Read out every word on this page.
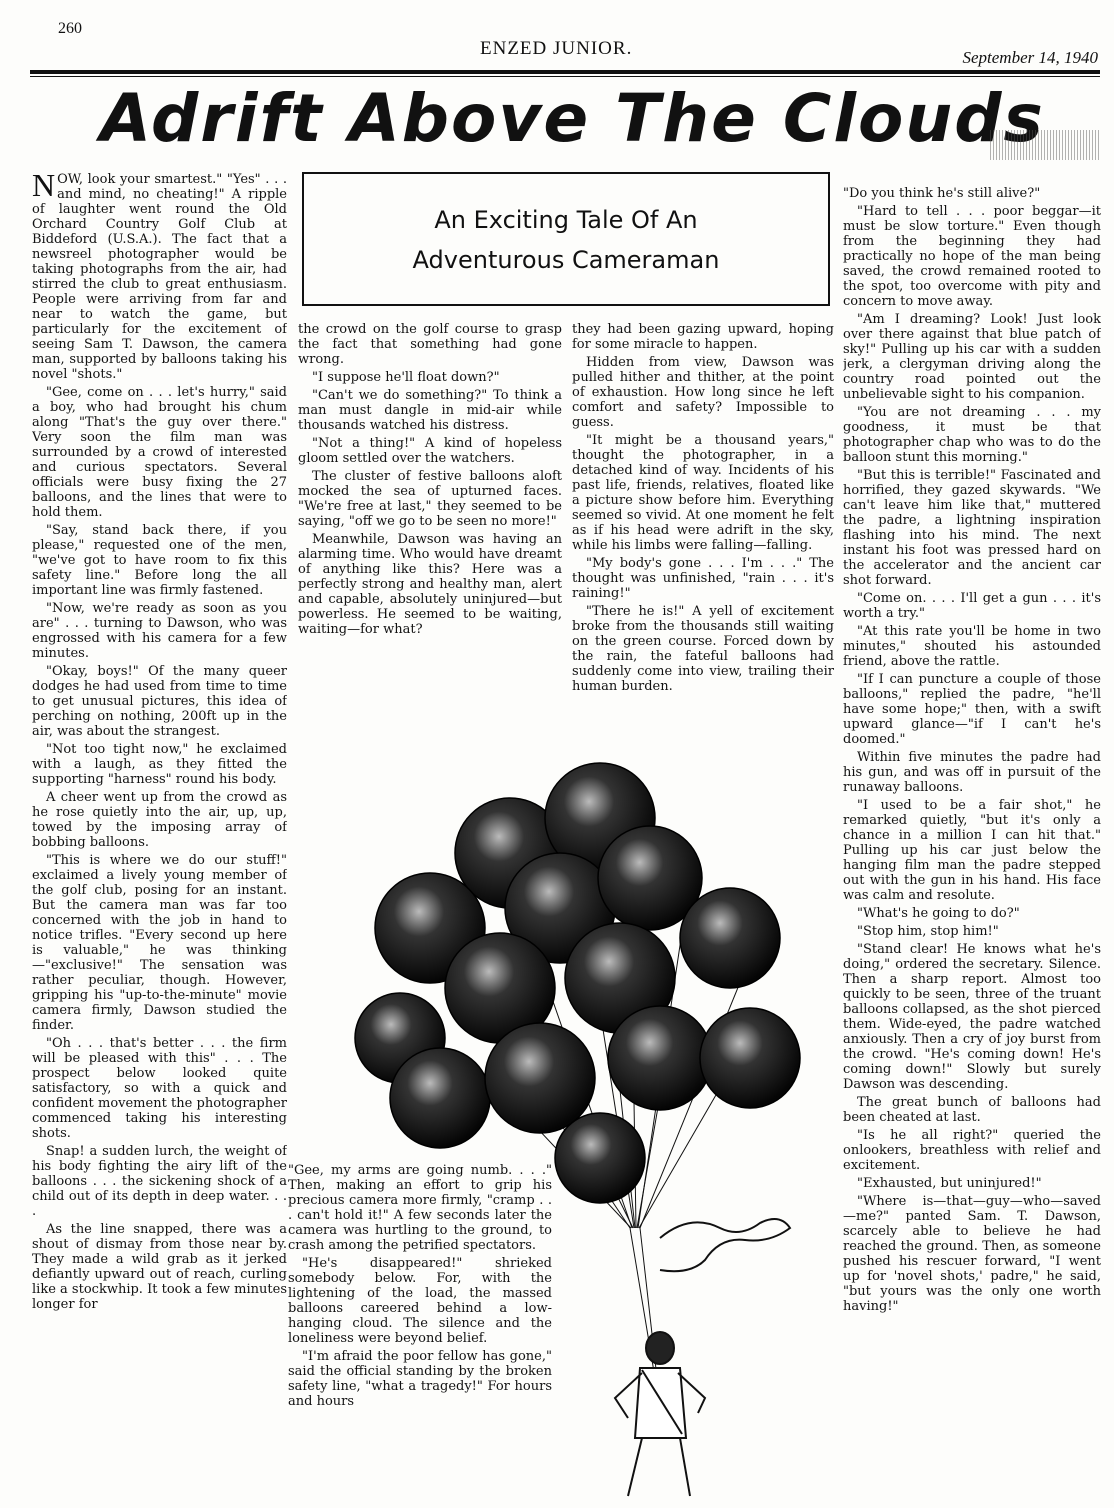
260
ENZED JUNIOR.	September 14, 1940
Adrift Above The Clouds
An Exciting Tale Of An
Adventurous Cameraman

NOW, look your smartest." "Yes" . . . and mind, no cheating!" A ripple of laughter went round the Old Orchard Country Golf Club at Biddeford (U.S.A.). The fact that a newsreel photographer would be taking photographs from the air, had stirred the club to great enthusiasm. People were arriving from far and near to watch the game, but particularly for the excitement of seeing Sam T. Dawson, the camera man, supported by balloons taking his novel "shots."

"Gee, come on . . . let's hurry," said a boy, who had brought his chum along "That's the guy over there." Very soon the film man was surrounded by a crowd of interested and curious spectators. Several officials were busy fixing the 27 balloons, and the lines that were to hold them.

"Say, stand back there, if you please," requested one of the men, "we've got to have room to fix this safety line." Before long the all important line was firmly fastened.

"Now, we're ready as soon as you are" . . . turning to Dawson, who was engrossed with his camera for a few minutes.

"Okay, boys!" Of the many queer dodges he had used from time to time to get unusual pictures, this idea of perching on nothing, 200ft up in the air, was about the strangest.

"Not too tight now," he exclaimed with a laugh, as they fitted the supporting "harness" round his body.

A cheer went up from the crowd as he rose quietly into the air, up, up, towed by the imposing array of bobbing balloons.

"This is where we do our stuff!" exclaimed a lively young member of the golf club, posing for an instant. But the camera man was far too concerned with the job in hand to notice trifles. "Every second up here is valuable," he was thinking—"exclusive!" The sensation was rather peculiar, though. However, gripping his "up-to-the-minute" movie camera firmly, Dawson studied the finder.

"Oh . . . that's better . . . the firm will be pleased with this" . . . The prospect below looked quite satisfactory, so with a quick and confident movement the photographer commenced taking his interesting shots.

Snap! a sudden lurch, the weight of his body fighting the airy lift of the balloons . . . the sickening shock of a child out of its depth in deep water. . . .

As the line snapped, there was a shout of dismay from those near by. They made a wild grab as it jerked defiantly upward out of reach, curling like a stockwhip. It took a few minutes longer for

the crowd on the golf course to grasp the fact that something had gone wrong.

"I suppose he'll float down?"

"Can't we do something?" To think a man must dangle in mid-air while thousands watched his distress.

"Not a thing!" A kind of hopeless gloom settled over the watchers.

The cluster of festive balloons aloft mocked the sea of upturned faces. "We're free at last," they seemed to be saying, "off we go to be seen no more!"

Meanwhile, Dawson was having an alarming time. Who would have dreamt of anything like this? Here was a perfectly strong and healthy man, alert and capable, absolutely uninjured—but powerless. He seemed to be waiting, waiting—for what?

they had been gazing upward, hoping for some miracle to happen.

Hidden from view, Dawson was pulled hither and thither, at the point of exhaustion. How long since he left comfort and safety? Impossible to guess.

"It might be a thousand years," thought the photographer, in a detached kind of way. Incidents of his past life, friends, relatives, floated like a picture show before him. Everything seemed so vivid. At one moment he felt as if his head were adrift in the sky, while his limbs were falling—falling.

"My body's gone . . . I'm . . ." The thought was unfinished, "rain . . . it's raining!"

"There he is!" A yell of excitement broke from the thousands still waiting on the green course. Forced down by the rain, the fateful balloons had suddenly come into view, trailing their human burden.

"Gee, my arms are going numb. . . ." Then, making an effort to grip his precious camera more firmly, "cramp . . . can't hold it!" A few seconds later the camera was hurtling to the ground, to crash among the petrified spectators.

"He's disappeared!" shrieked somebody below. For, with the lightening of the load, the massed balloons careered behind a low-hanging cloud. The silence and the loneliness were beyond belief.

"I'm afraid the poor fellow has gone," said the official standing by the broken safety line, "what a tragedy!" For hours and hours

"Do you think he's still alive?"

"Hard to tell . . . poor beggar—it must be slow torture." Even though from the beginning they had practically no hope of the man being saved, the crowd remained rooted to the spot, too overcome with pity and concern to move away.

"Am I dreaming? Look! Just look over there against that blue patch of sky!" Pulling up his car with a sudden jerk, a clergyman driving along the country road pointed out the unbelievable sight to his companion.

"You are not dreaming . . . my goodness, it must be that photographer chap who was to do the balloon stunt this morning."

"But this is terrible!" Fascinated and horrified, they gazed skywards. "We can't leave him like that," muttered the padre, a lightning inspiration flashing into his mind. The next instant his foot was pressed hard on the accelerator and the ancient car shot forward.

"Come on. . . . I'll get a gun . . . it's worth a try."

"At this rate you'll be home in two minutes," shouted his astounded friend, above the rattle.

"If I can puncture a couple of those balloons," replied the padre, "he'll have some hope;" then, with a swift upward glance—"if I can't he's doomed."

Within five minutes the padre had his gun, and was off in pursuit of the runaway balloons.

"I used to be a fair shot," he remarked quietly, "but it's only a chance in a million I can hit that." Pulling up his car just below the hanging film man the padre stepped out with the gun in his hand. His face was calm and resolute.

"What's he going to do?"

"Stop him, stop him!"

"Stand clear! He knows what he's doing," ordered the secretary. Silence. Then a sharp report. Almost too quickly to be seen, three of the truant balloons collapsed, as the shot pierced them. Wide-eyed, the padre watched anxiously. Then a cry of joy burst from the crowd. "He's coming down! He's coming down!" Slowly but surely Dawson was descending.

The great bunch of balloons had been cheated at last.

"Is he all right?" queried the onlookers, breathless with relief and excitement.

"Exhausted, but uninjured!"

"Where is—that—guy—who—saved—me?" panted Sam. T. Dawson, scarcely able to believe he had reached the ground. Then, as someone pushed his rescuer forward, "I went up for 'novel shots,' padre," he said, "but yours was the only one worth having!"
